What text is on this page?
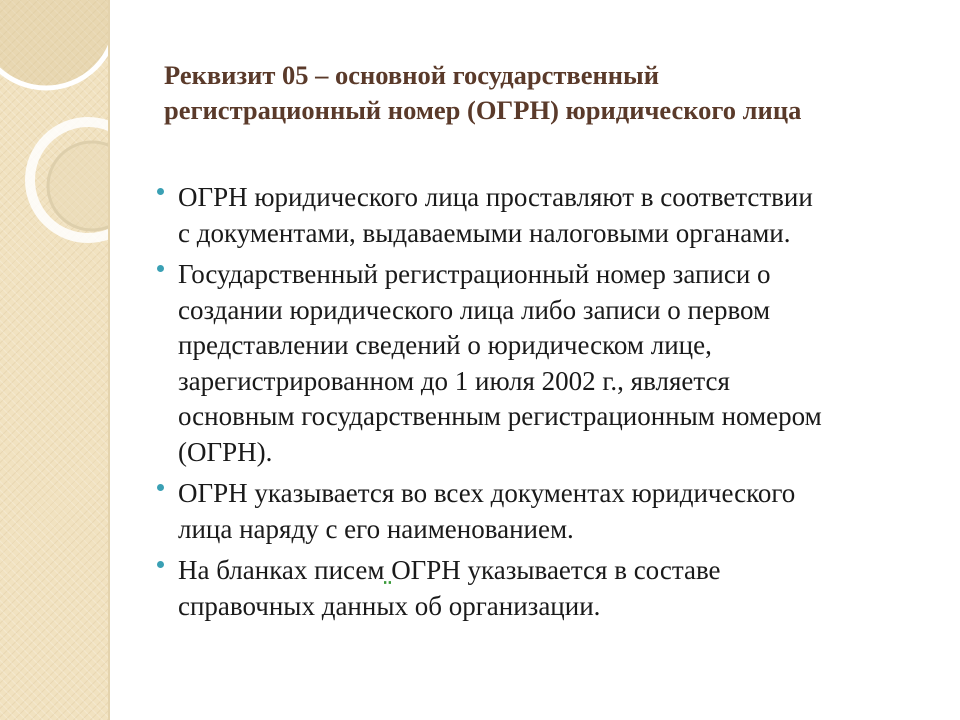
Реквизит 05 – основной государственный
регистрационный номер (ОГРН) юридического лица
ОГРН юридического лица проставляют в соответствии
с документами, выдаваемыми налоговыми органами.
Государственный регистрационный номер записи о
создании юридического лица либо записи о первом
представлении сведений о юридическом лице,
зарегистрированном до 1 июля 2002 г., является
основным государственным регистрационным номером
(ОГРН).
ОГРН указывается во всех документах юридического
лица наряду с его наименованием.
На бланках писем ОГРН указывается в составе
справочных данных об организации.
